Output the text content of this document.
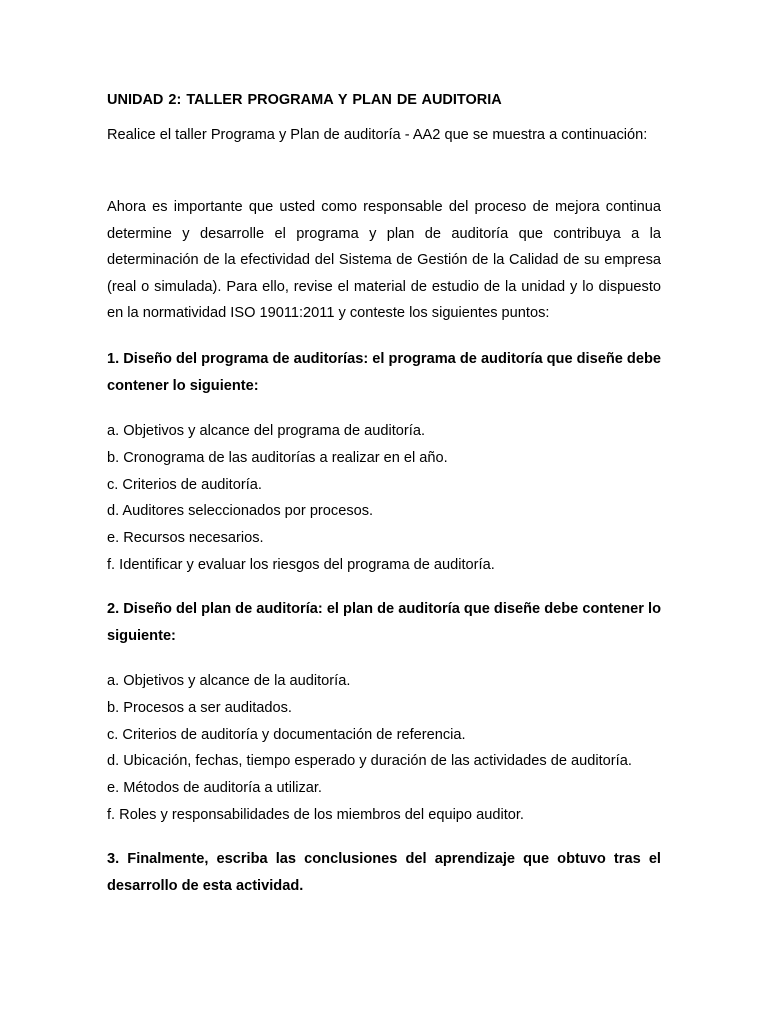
UNIDAD 2: TALLER PROGRAMA Y PLAN DE AUDITORIA

Realice el taller Programa y Plan de auditoría - AA2 que se muestra a continuación:

Ahora es importante que usted como responsable del proceso de mejora continua determine y desarrolle el programa y plan de auditoría que contribuya a la determinación de la efectividad del Sistema de Gestión de la Calidad de su empresa (real o simulada). Para ello, revise el material de estudio de la unidad y lo dispuesto en la normatividad ISO 19011:2011 y conteste los siguientes puntos:

1. Diseño del programa de auditorías: el programa de auditoría que diseñe debe contener lo siguiente:

a. Objetivos y alcance del programa de auditoría.
b. Cronograma de las auditorías a realizar en el año.
c. Criterios de auditoría.
d. Auditores seleccionados por procesos.
e. Recursos necesarios.
f. Identificar y evaluar los riesgos del programa de auditoría.

2. Diseño del plan de auditoría: el plan de auditoría que diseñe debe contener lo siguiente:

a. Objetivos y alcance de la auditoría.
b. Procesos a ser auditados.
c. Criterios de auditoría y documentación de referencia.
d. Ubicación, fechas, tiempo esperado y duración de las actividades de auditoría.
e. Métodos de auditoría a utilizar.
f. Roles y responsabilidades de los miembros del equipo auditor.

3. Finalmente, escriba las conclusiones del aprendizaje que obtuvo tras el desarrollo de esta actividad.
